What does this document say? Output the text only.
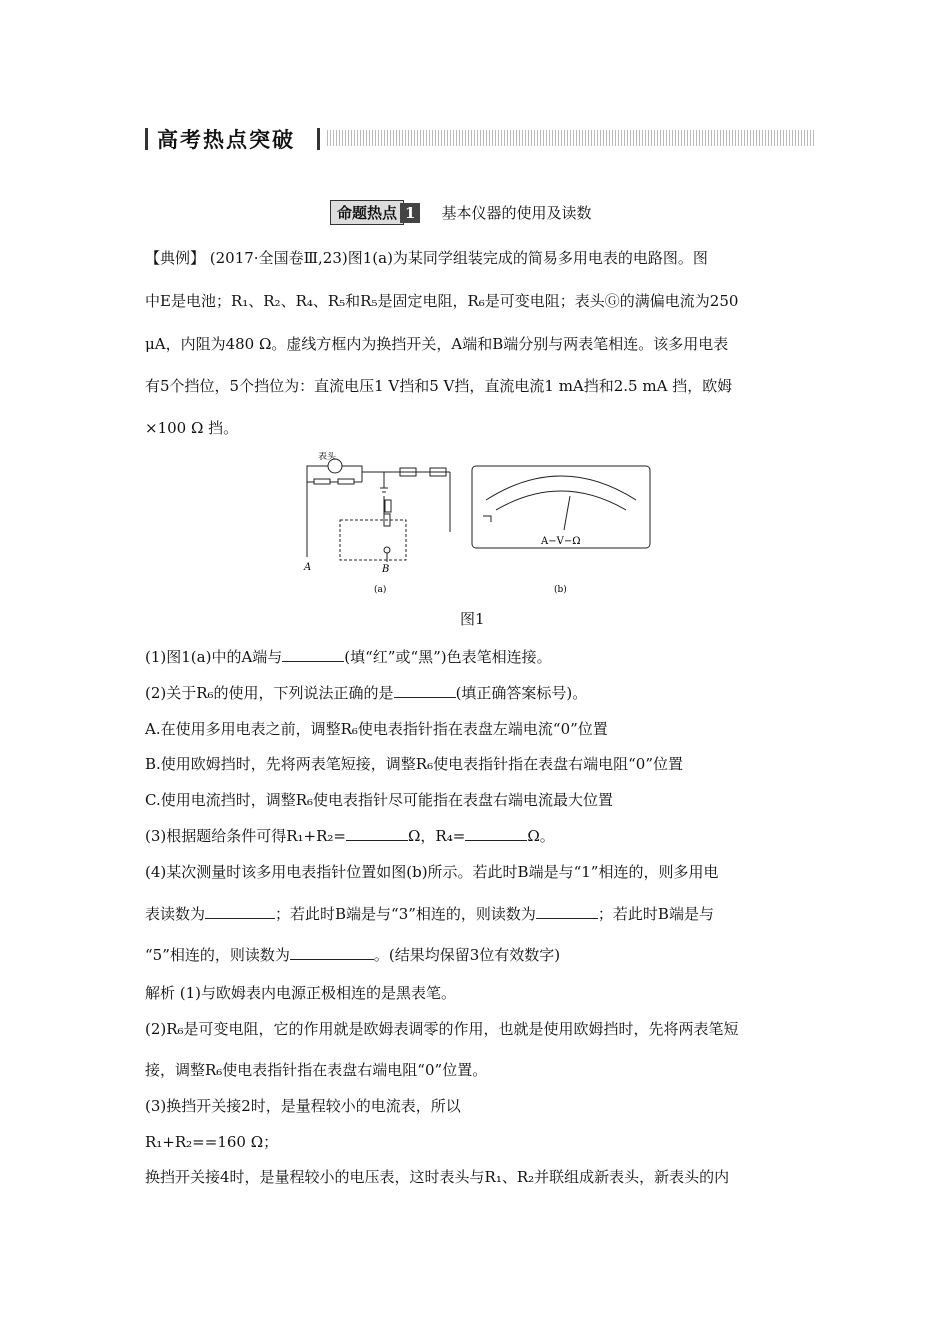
高考热点突破
命题热点 1 基本仪器的使用及读数
【典例】 (2017·全国卷Ⅲ,23)图1(a)为某同学组装完成的简易多用电表的电路图。图
中E是电池；R₁、R₂、R₄、R₅和R₅是固定电阻，R₆是可变电阻；表头Ⓖ的满偏电流为250
μA，内阻为480 Ω。虚线方框内为换挡开关，A端和B端分别与两表笔相连。该多用电表
有5个挡位，5个挡位为：直流电压1 V挡和5 V挡，直流电流1 mA挡和2.5 mA 挡，欧姆
×100 Ω 挡。
表头
A	B
(a)
A−V−Ω
(b)
图1
(1)图1(a)中的A端与	(填“红”或“黑”)色表笔相连接。
(2)关于R₆的使用，下列说法正确的是	(填正确答案标号)。
A.在使用多用电表之前，调整R₆使电表指针指在表盘左端电流“0”位置
B.使用欧姆挡时，先将两表笔短接，调整R₆使电表指针指在表盘右端电阻“0”位置
C.使用电流挡时，调整R₆使电表指针尽可能指在表盘右端电流最大位置
(3)根据题给条件可得R₁+R₂=	Ω，R₄=	Ω。
(4)某次测量时该多用电表指针位置如图(b)所示。若此时B端是与“1”相连的，则多用电
表读数为	；若此时B端是与“3”相连的，则读数为	；若此时B端是与
“5”相连的，则读数为	。(结果均保留3位有效数字)
解析 (1)与欧姆表内电源正极相连的是黑表笔。
(2)R₆是可变电阻，它的作用就是欧姆表调零的作用，也就是使用欧姆挡时，先将两表笔短
接，调整R₆使电表指针指在表盘右端电阻“0”位置。
(3)换挡开关接2时，是量程较小的电流表，所以
R₁+R₂==160 Ω；
换挡开关接4时，是量程较小的电压表，这时表头与R₁、R₂并联组成新表头，新表头的内
